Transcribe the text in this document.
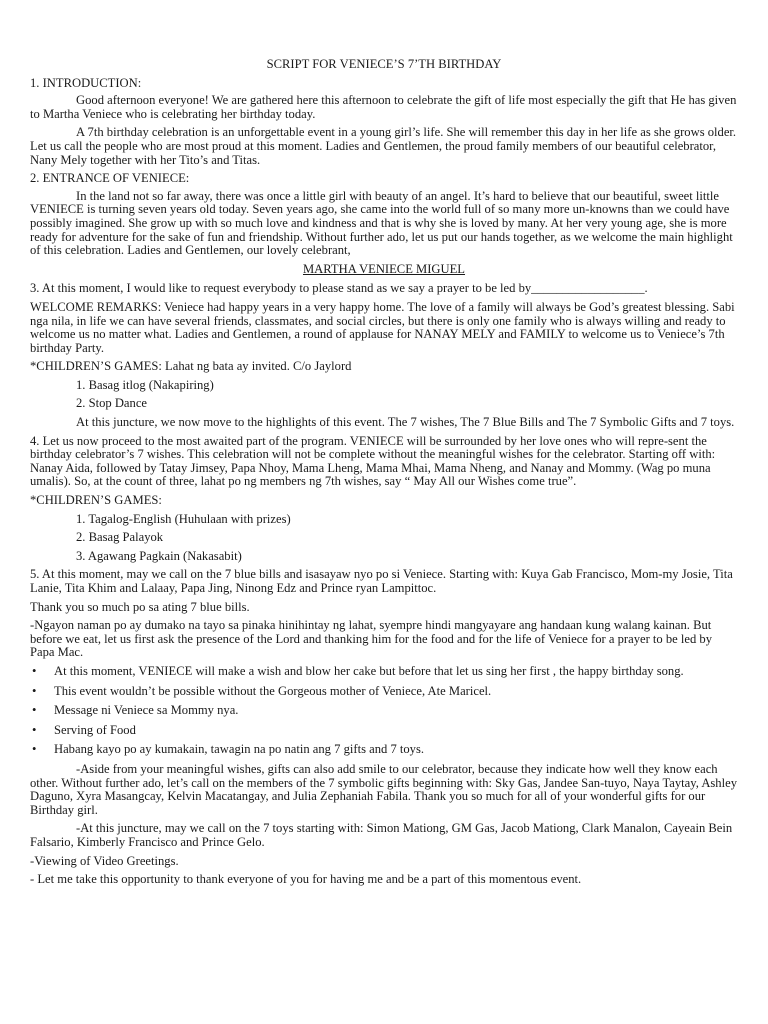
SCRIPT FOR VENIECE’S 7’TH BIRTHDAY

1. INTRODUCTION:

Good afternoon everyone! We are gathered here this afternoon to celebrate the gift of life most especially the gift that He has given to Martha Veniece who is celebrating her birthday today.

A 7th birthday celebration is an unforgettable event in a young girl’s life. She will remember this day in her life as she grows older. Let us call the people who are most proud at this moment. Ladies and Gentlemen, the proud family members of our beautiful celebrator, Nany Mely together with her Tito’s and Titas.

2. ENTRANCE OF VENIECE:

In the land not so far away, there was once a little girl with beauty of an angel. It’s hard to believe that our beautiful, sweet little VENIECE is turning seven years old today. Seven years ago, she came into the world full of so many more un-knowns than we could have possibly imagined. She grow up with so much love and kindness and that is why she is loved by many. At her very young age, she is more ready for adventure for the sake of fun and friendship. Without further ado, let us put our hands together, as we welcome the main highlight of this celebration. Ladies and Gentlemen, our lovely celebrant,

MARTHA VENIECE MIGUEL

3. At this moment, I would like to request everybody to please stand as we say a prayer to be led by__________________.

WELCOME REMARKS: Veniece had happy years in a very happy home. The love of a family will always be God’s greatest blessing. Sabi nga nila, in life we can have several friends, classmates, and social circles, but there is only one family who is always willing and ready to welcome us no matter what. Ladies and Gentlemen, a round of applause for NANAY MELY and FAMILY to welcome us to Veniece’s 7th birthday Party.

*CHILDREN’S GAMES: Lahat ng bata ay invited. C/o Jaylord

1. Basag itlog (Nakapiring)
2. Stop Dance

At this juncture, we now move to the highlights of this event. The 7 wishes, The 7 Blue Bills and The 7 Symbolic Gifts and 7 toys.

4. Let us now proceed to the most awaited part of the program. VENIECE will be surrounded by her love ones who will repre-sent the birthday celebrator’s 7 wishes. This celebration will not be complete without the meaningful wishes for the celebrator. Starting off with: Nanay Aida, followed by Tatay Jimsey, Papa Nhoy, Mama Lheng, Mama Mhai, Mama Nheng, and Nanay and Mommy. (Wag po muna umalis). So, at the count of three, lahat po ng members ng 7th wishes, say “ May All our Wishes come true”.

*CHILDREN’S GAMES:

1. Tagalog-English (Huhulaan with prizes)
2. Basag Palayok
3. Agawang Pagkain (Nakasabit)

5. At this moment, may we call on the 7 blue bills and isasayaw nyo po si Veniece. Starting with: Kuya Gab Francisco, Mom-my Josie, Tita Lanie, Tita Khim and Lalaay, Papa Jing, Ninong Edz and Prince ryan Lampittoc.

Thank you so much po sa ating 7 blue bills.

-Ngayon naman po ay dumako na tayo sa pinaka hinihintay ng lahat, syempre hindi mangyayare ang handaan kung walang kainan. But before we eat, let us first ask the presence of the Lord and thanking him for the food and for the life of Veniece for a prayer to be led by Papa Mac.

• At this moment, VENIECE will make a wish and blow her cake but before that let us sing her first , the happy birthday song.
• This event wouldn’t be possible without the Gorgeous mother of Veniece, Ate Maricel.
• Message ni Veniece sa Mommy nya.
• Serving of Food
• Habang kayo po ay kumakain, tawagin na po natin ang 7 gifts and 7 toys.

-Aside from your meaningful wishes, gifts can also add smile to our celebrator, because they indicate how well they know each other. Without further ado, let’s call on the members of the 7 symbolic gifts beginning with: Sky Gas, Jandee San-tuyo, Naya Taytay, Ashley Daguno, Xyra Masangcay, Kelvin Macatangay, and Julia Zephaniah Fabila. Thank you so much for all of your wonderful gifts for our Birthday girl.

-At this juncture, may we call on the 7 toys starting with: Simon Mationg, GM Gas, Jacob Mationg, Clark Manalon, Cayeain Bein Falsario, Kimberly Francisco and Prince Gelo.

-Viewing of Video Greetings.

- Let me take this opportunity to thank everyone of you for having me and be a part of this momentous event.
